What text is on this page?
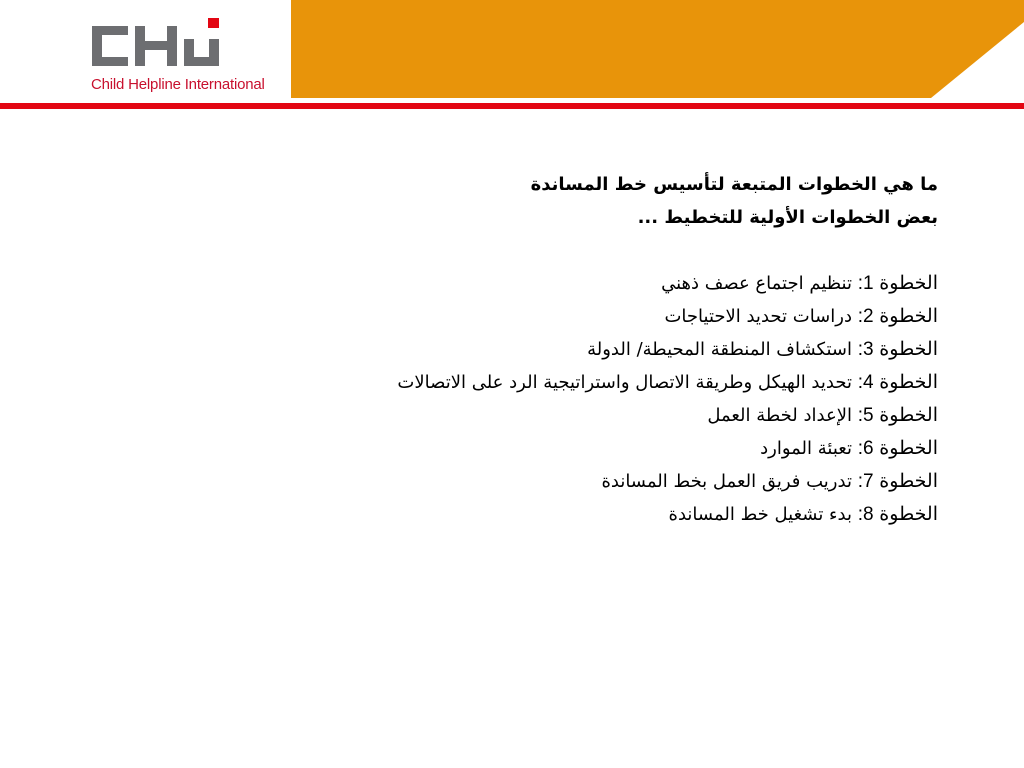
Child Helpline International
ما هي الخطوات المتبعة لتأسيس خط المساندة
بعض الخطوات الأولية للتخطيط ...
الخطوة 1: تنظيم اجتماع عصف ذهني
الخطوة 2: دراسات تحديد الاحتياجات
الخطوة 3: استكشاف المنطقة المحيطة/ الدولة
الخطوة 4: تحديد الهيكل وطريقة الاتصال واستراتيجية الرد على الاتصالات
الخطوة 5: الإعداد لخطة العمل
الخطوة 6: تعبئة الموارد
الخطوة 7: تدريب فريق العمل بخط المساندة
الخطوة 8: بدء تشغيل خط المساندة
